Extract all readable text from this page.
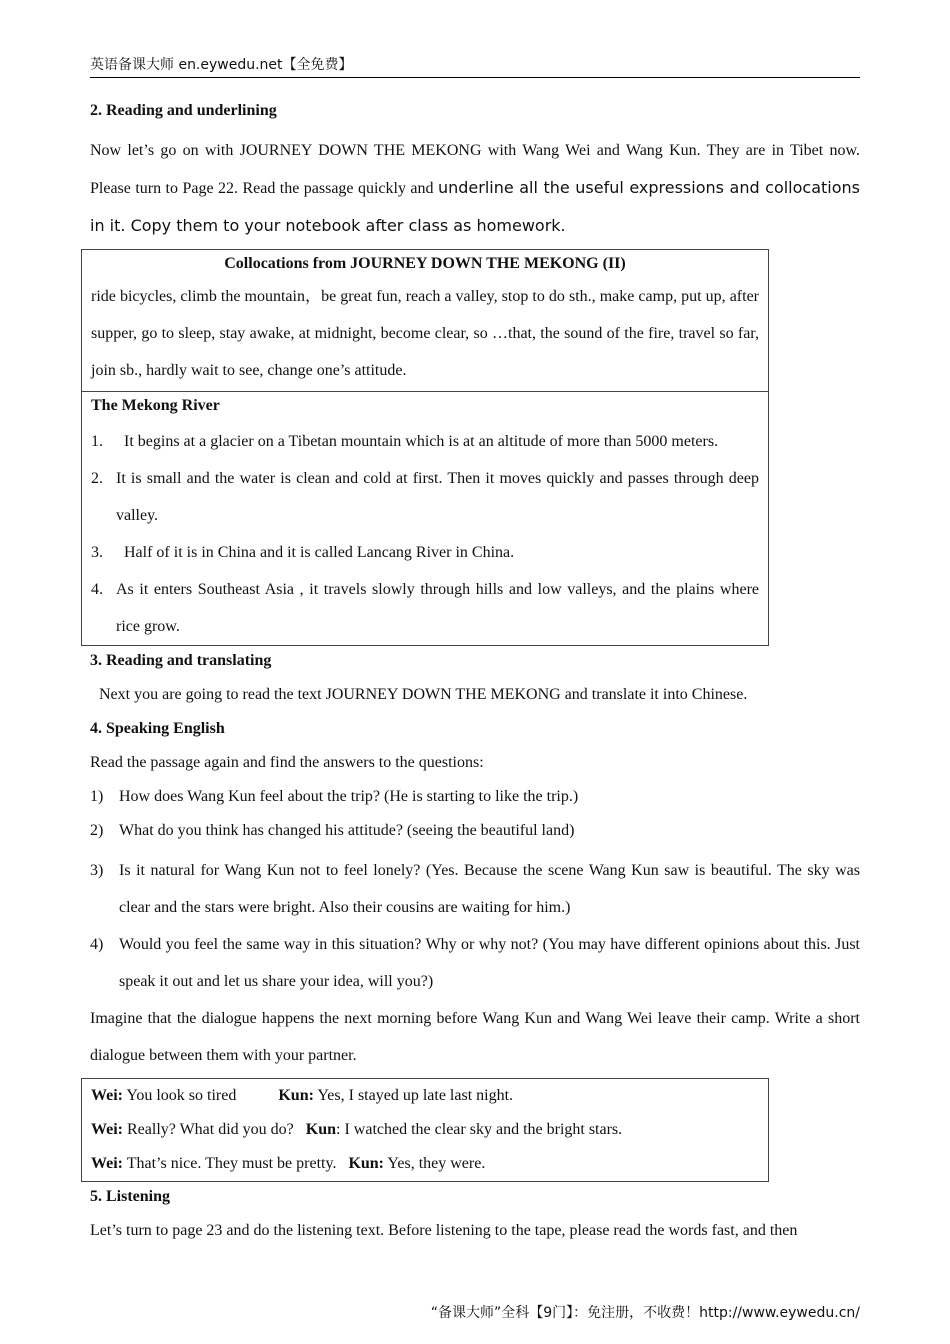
英语备课大师 en.eywedu.net【全免费】
2. Reading and underlining

Now let’s go on with JOURNEY DOWN THE MEKONG with Wang Wei and Wang Kun. They are in Tibet now. Please turn to Page 22. Read the passage quickly and underline all the useful expressions and collocations in it. Copy them to your notebook after class as homework.

Collocations from JOURNEY DOWN THE MEKONG (II)
ride bicycles, climb the mountain，be great fun, reach a valley, stop to do sth., make camp, put up, after supper, go to sleep, stay awake, at midnight, become clear, so …that, the sound of the fire, travel so far, join sb., hardly wait to see, change one’s attitude.
The Mekong River
1. It begins at a glacier on a Tibetan mountain which is at an altitude of more than 5000 meters.
2. It is small and the water is clean and cold at first. Then it moves quickly and passes through deep valley.
3. Half of it is in China and it is called Lancang River in China.
4. As it enters Southeast Asia , it travels slowly through hills and low valleys, and the plains where rice grow.
3. Reading and translating

Next you are going to read the text JOURNEY DOWN THE MEKONG and translate it into Chinese.

4. Speaking English

Read the passage again and find the answers to the questions:

1) How does Wang Kun feel about the trip? (He is starting to like the trip.)
2) What do you think has changed his attitude? (seeing the beautiful land)
3) Is it natural for Wang Kun not to feel lonely? (Yes. Because the scene Wang Kun saw is beautiful. The sky was clear and the stars were bright. Also their cousins are waiting for him.)
4) Would you feel the same way in this situation? Why or why not? (You may have different opinions about this. Just speak it out and let us share your idea, will you?)

Imagine that the dialogue happens the next morning before Wang Kun and Wang Wei leave their camp. Write a short dialogue between them with your partner.

Wei: You look so tired	Kun: Yes, I stayed up late last night.
Wei: Really? What did you do? Kun: I watched the clear sky and the bright stars.
Wei: That’s nice. They must be pretty. Kun: Yes, they were.
5. Listening

Let’s turn to page 23 and do the listening text. Before listening to the tape, please read the words fast, and then

“备课大师”全科【9门】：免注册，不收费！http://www.eywedu.cn/
